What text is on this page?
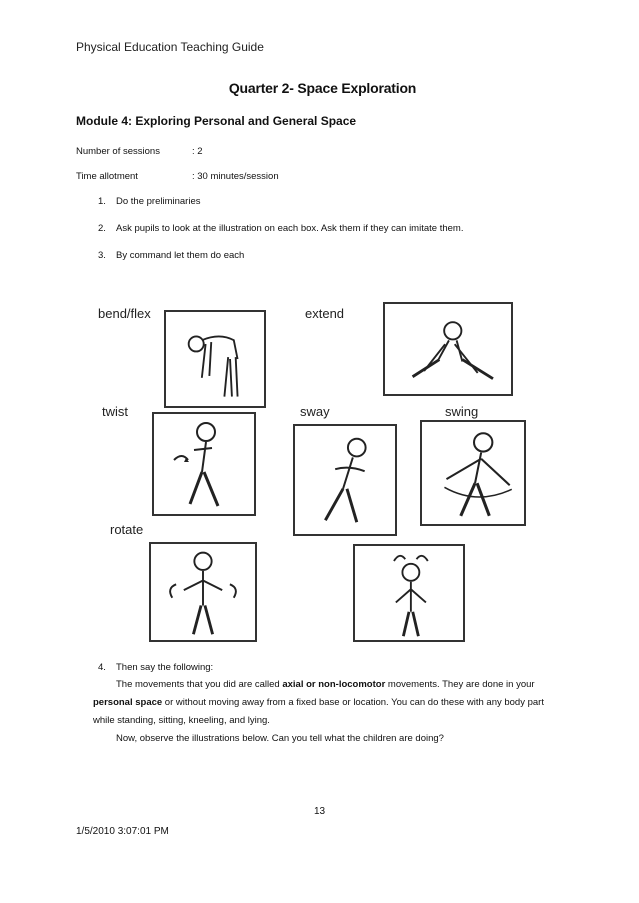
Physical Education Teaching Guide
Quarter 2- Space Exploration
Module 4: Exploring Personal and General Space
Number of sessions	: 2
Time allotment	: 30 minutes/session
1. Do the preliminaries
2. Ask pupils to look at the illustration on each box. Ask them if they can imitate them.
3. By command let them do each
bend/flex	extend
twist	sway	swing
rotate
4. Then say the following:
The movements that you did are called axial or non-locomotor movements. They are done in your
personal space or without moving away from a fixed base or location. You can do these with any body part
while standing, sitting, kneeling, and lying.
Now, observe the illustrations below. Can you tell what the children are doing?
13
1/5/2010 3:07:01 PM
